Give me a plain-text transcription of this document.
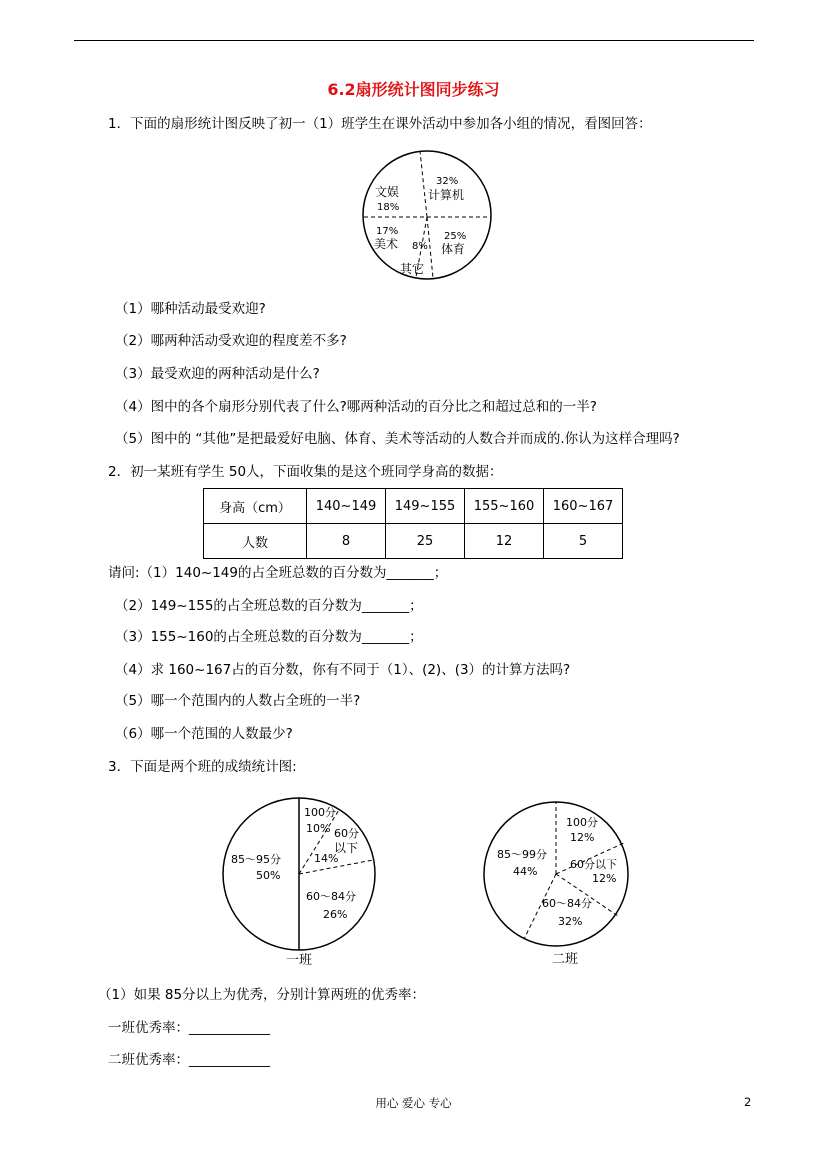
6.2扇形统计图同步练习
1．下面的扇形统计图反映了初一（1）班学生在课外活动中参加各小组的情况，看图回答：
32%
计算机
文娱
18%
17%
美术
25%
体育
8%
其它
（1）哪种活动最受欢迎?
（2）哪两种活动受欢迎的程度差不多?
（3）最受欢迎的两种活动是什么?
（4）图中的各个扇形分别代表了什么?哪两种活动的百分比之和超过总和的一半?
（5）图中的 “其他”是把最爱好电脑、体育、美术等活动的人数合并而成的.你认为这样合理吗?
2．初一某班有学生 50人，下面收集的是这个班同学身高的数据：
身高（cm）	140~149	149~155	155~160	160~167
人数	8	25	12	5
请问:（1）140~149的占全班总数的百分数为_______；
（2）149~155的占全班总数的百分数为_______；
（3）155~160的占全班总数的百分数为_______；
（4）求 160~167占的百分数，你有不同于（1）、(2)、(3）的计算方法吗?
（5）哪一个范围内的人数占全班的一半?
（6）哪一个范围的人数最少?
3．下面是两个班的成绩统计图:
100分
10% 60分
以下
14%
85～95分
50%
60～84分
26%
一班
100分
12%
60分以下
12%
85～99分
44%
60～84分
32%
二班
（1）如果 85分以上为优秀，分别计算两班的优秀率：
一班优秀率：____________
二班优秀率：____________
用心 爱心 专心	2
